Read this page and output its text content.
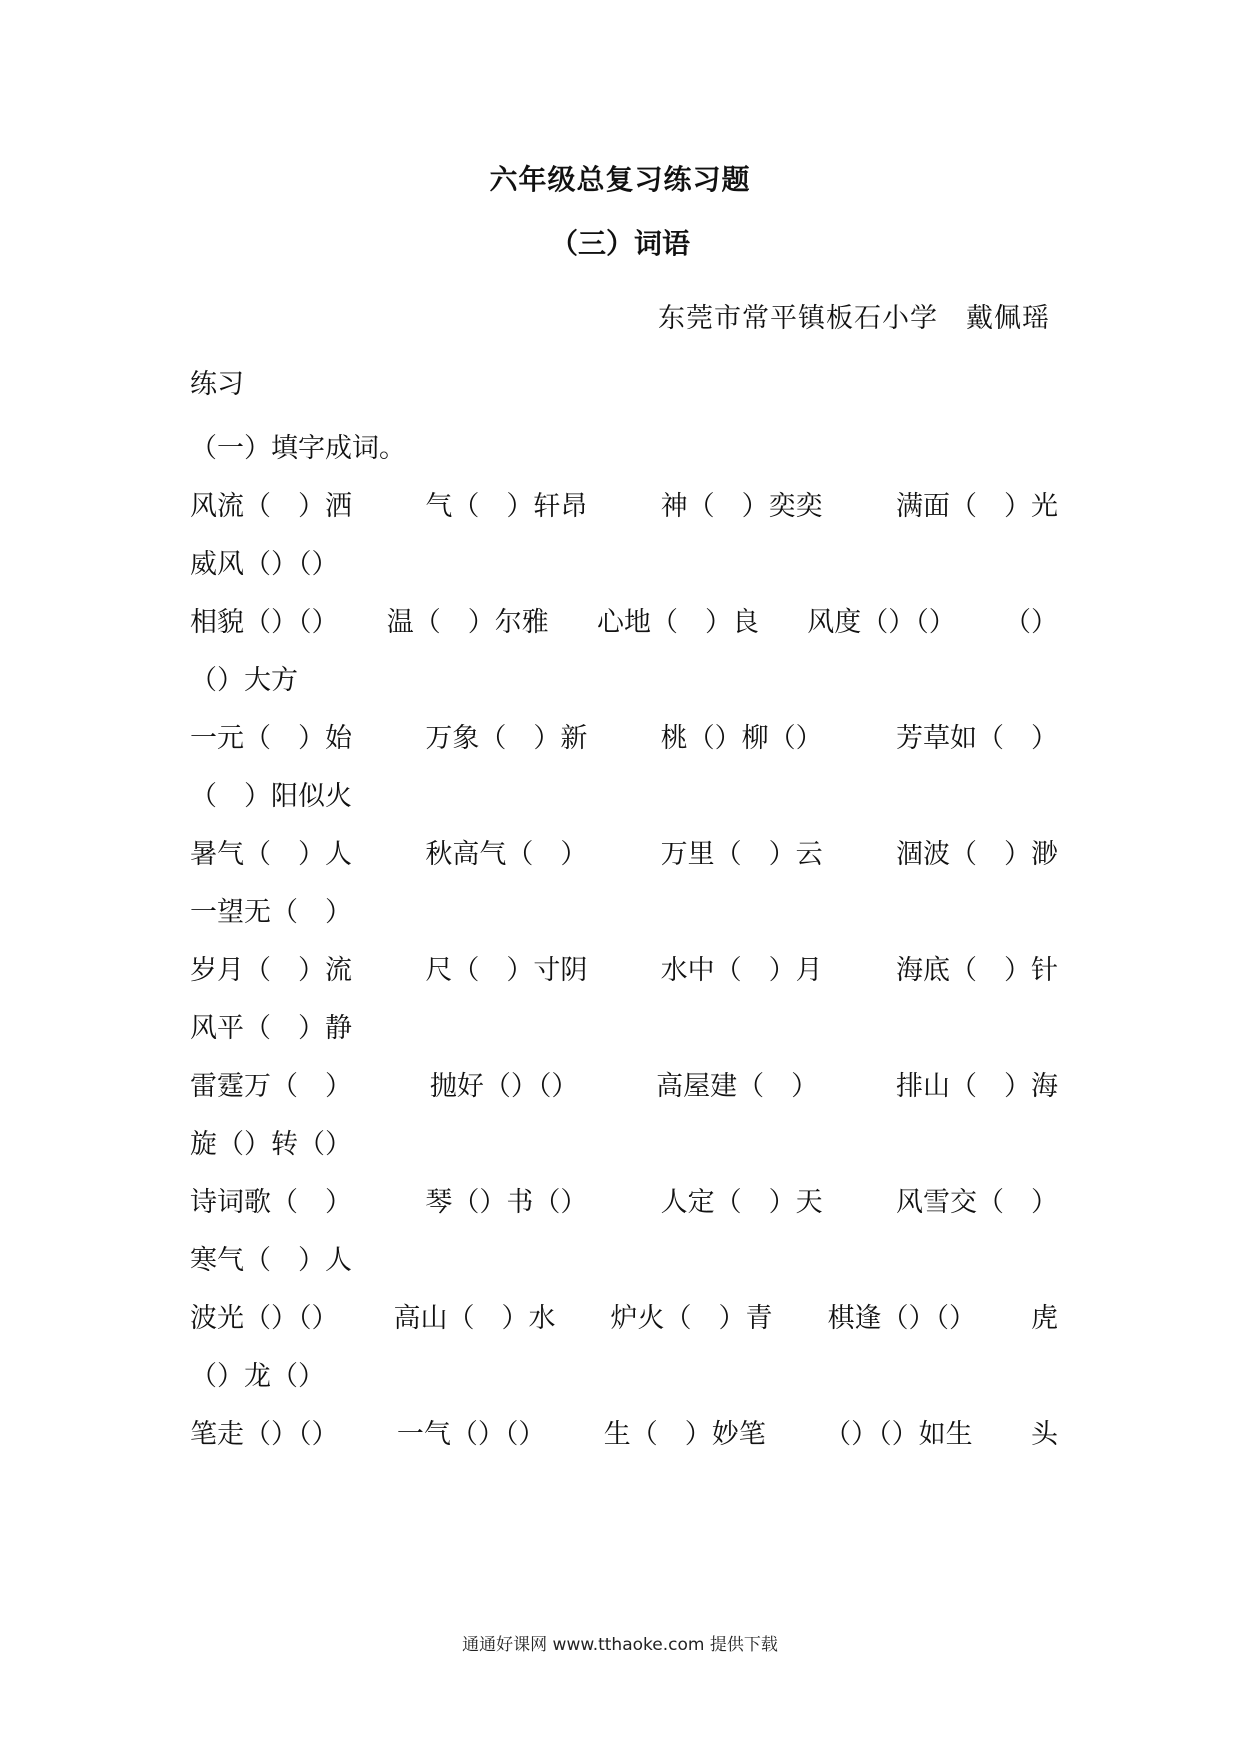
六年级总复习练习题
（三）词语
东莞市常平镇板石小学　戴佩瑶
练习
（一）填字成词。
风流（　）洒	气（　）轩昂	神（　）奕奕	满面（　）光
威风（）（）
相貌（）（） 温（　）尔雅 心地（　）良 风度（）（） （）
（）大方
一元（　）始	万象（　）新	桃（）柳（）	芳草如（　）
（　）阳似火
暑气（　）人	秋高气（　）	万里（　）云	涸波（　）渺
一望无（　）
岁月（　）流	尺（　）寸阴	水中（　）月	海底（　）针
风平（　）静
雷霆万（　）	抛好（）（）	高屋建（　）	排山（　）海
旋（）转（）
诗词歌（　）	琴（）书（）	人定（　）天	风雪交（　）
寒气（　）人
波光（）（） 高山（　）水 炉火（　）青 棋逢（）（） 虎
（）龙（）
笔走（）（） 一气（）（） 生（　）妙笔 （）（）如生 头
通通好课网 www.tthaoke.com 提供下载
